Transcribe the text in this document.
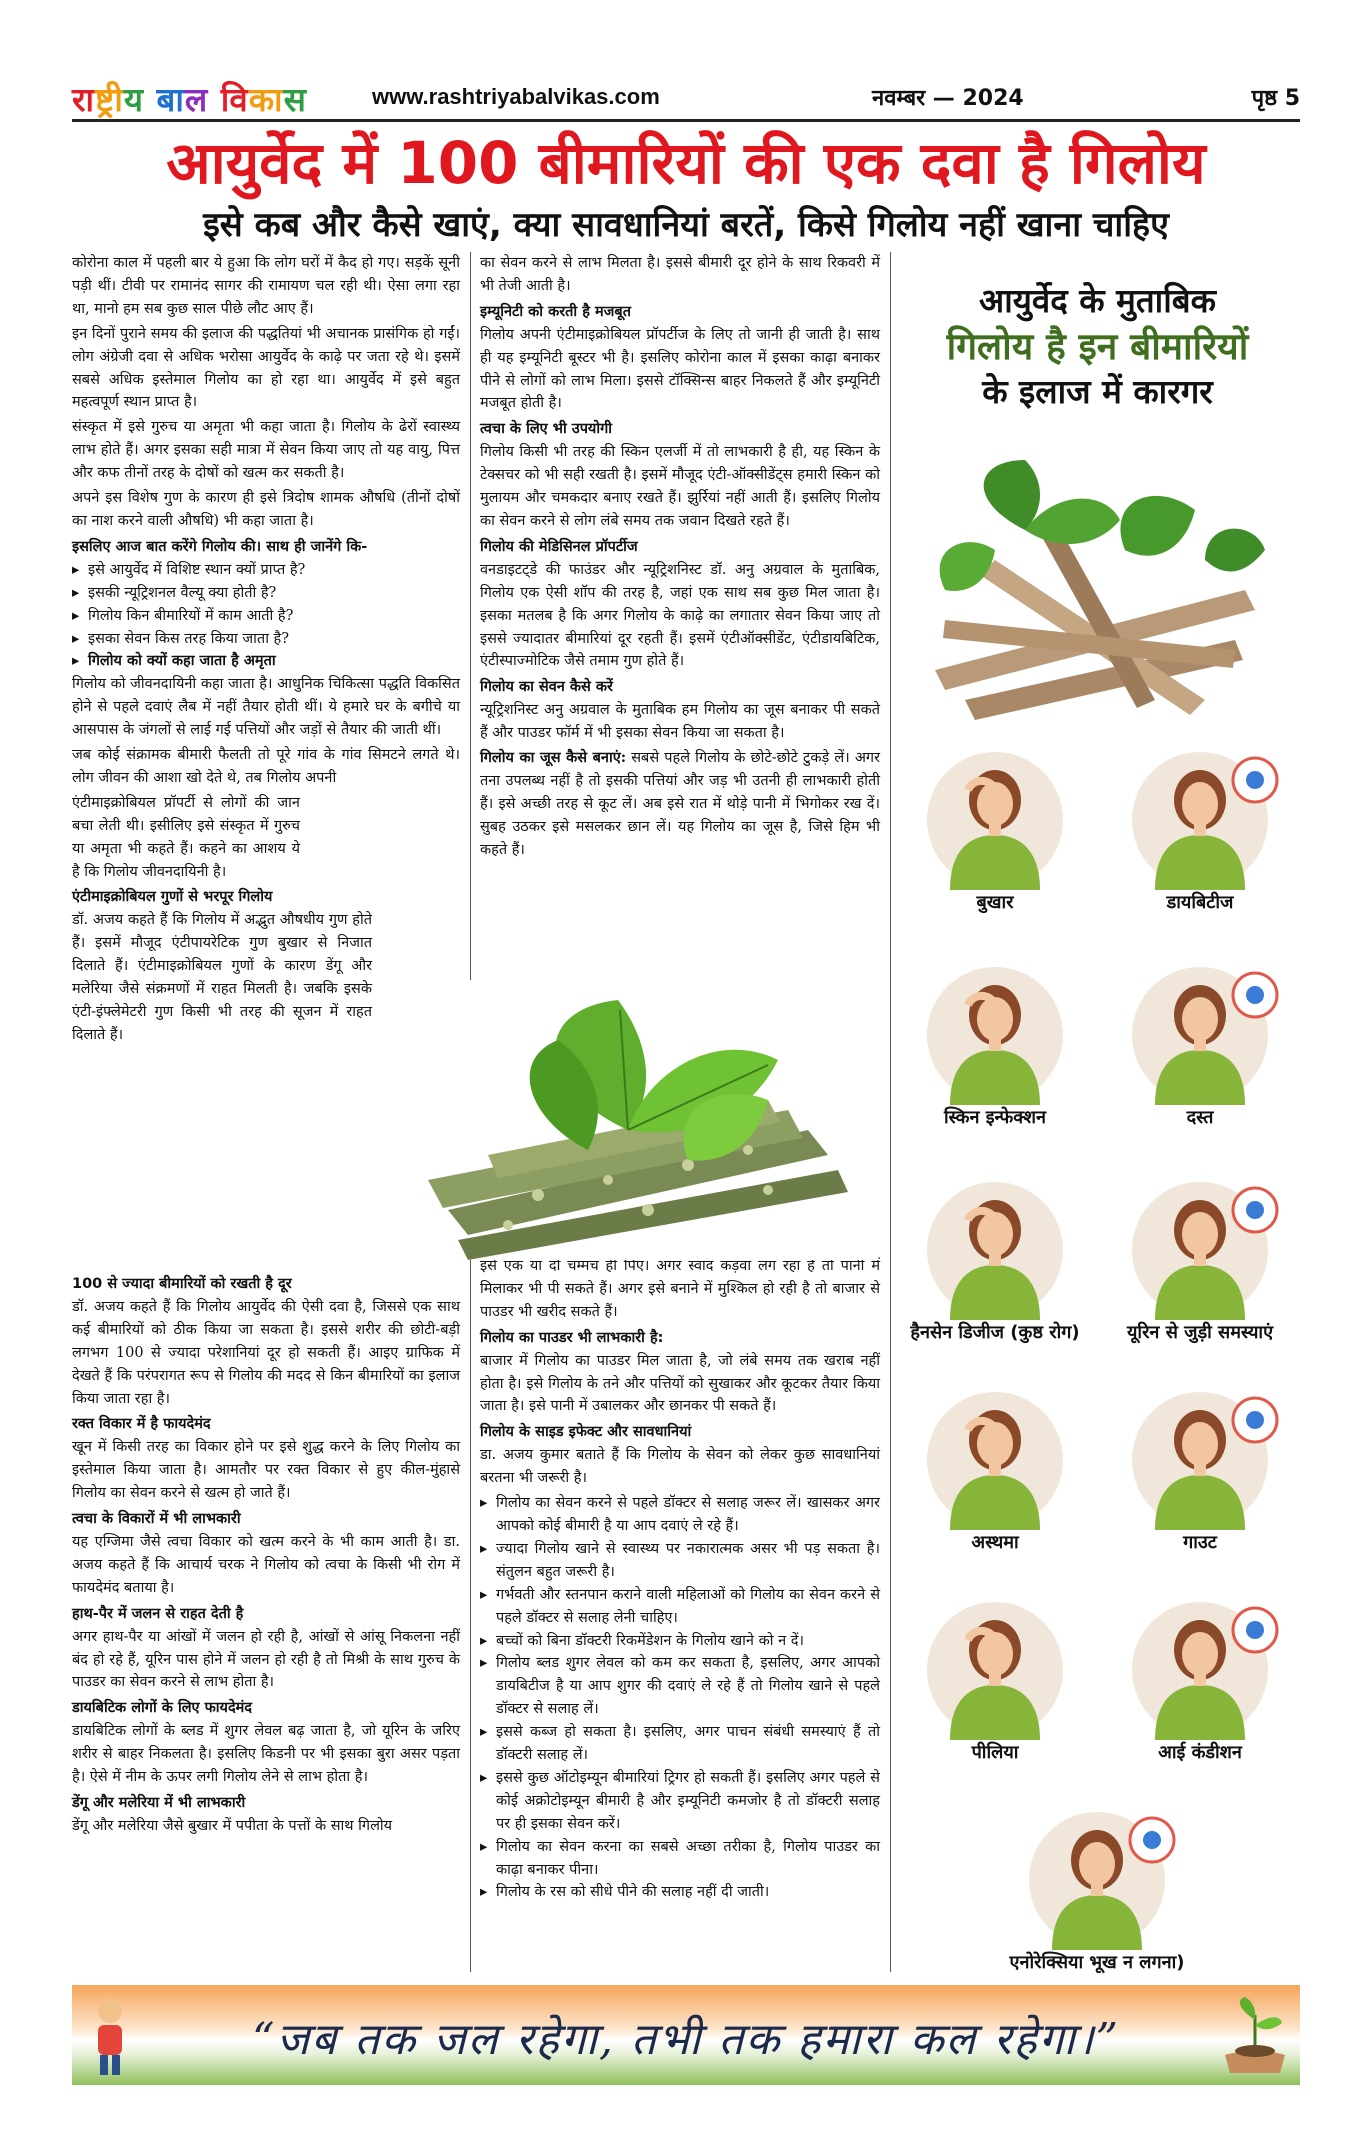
राष्ट्रीय बाल विकास	www.rashtriyabalvikas.com	नवम्बर — 2024	पृष्ठ 5
आयुर्वेद में 100 बीमारियों की एक दवा है गिलोय
इसे कब और कैसे खाएं, क्या सावधानियां बरतें, किसे गिलोय नहीं खाना चाहिए

कोरोना काल में पहली बार ये हुआ कि लोग घरों में कैद हो गए। सड़कें सूनी पड़ी थीं। टीवी पर रामानंद सागर की रामायण चल रही थी। ऐसा लगा रहा था, मानो हम सब कुछ साल पीछे लौट आए हैं।

इन दिनों पुराने समय की इलाज की पद्धतियां भी अचानक प्रासंगिक हो गईं। लोग अंग्रेजी दवा से अधिक भरोसा आयुर्वेद के काढ़े पर जता रहे थे। इसमें सबसे अधिक इस्तेमाल गिलोय का हो रहा था। आयुर्वेद में इसे बहुत महत्वपूर्ण स्थान प्राप्त है।

संस्कृत में इसे गुरुच या अमृता भी कहा जाता है। गिलोय के ढेरों स्वास्थ्य लाभ होते हैं। अगर इसका सही मात्रा में सेवन किया जाए तो यह वायु, पित्त और कफ तीनों तरह के दोषों को खत्म कर सकती है।

अपने इस विशेष गुण के कारण ही इसे त्रिदोष शामक औषधि (तीनों दोषों का नाश करने वाली औषधि) भी कहा जाता है।

इसलिए आज बात करेंगे गिलोय की। साथ ही जानेंगे कि-
▸ इसे आयुर्वेद में विशिष्ट स्थान क्यों प्राप्त है?
▸ इसकी न्यूट्रिशनल वैल्यू क्या होती है?
▸ गिलोय किन बीमारियों में काम आती है?
▸ इसका सेवन किस तरह किया जाता है?
▸ गिलोय को क्यों कहा जाता है अमृता

गिलोय को जीवनदायिनी कहा जाता है। आधुनिक चिकित्सा पद्धति विकसित होने से पहले दवाएं लैब में नहीं तैयार होती थीं। ये हमारे घर के बगीचे या आसपास के जंगलों से लाई गई पत्तियों और जड़ों से तैयार की जाती थीं।

जब कोई संक्रामक बीमारी फैलती तो पूरे गांव के गांव सिमटने लगते थे। लोग जीवन की आशा खो देते थे, तब गिलोय अपनी

एंटीमाइक्रोबियल प्रॉपर्टी से लोगों की जान बचा लेती थी। इसीलिए इसे संस्कृत में गुरुच या अमृता भी कहते हैं। कहने का आशय ये है कि गिलोय जीवनदायिनी है।

एंटीमाइक्रोबियल गुणों से भरपूर गिलोय

डॉ. अजय कहते हैं कि गिलोय में अद्भुत औषधीय गुण होते हैं। इसमें मौजूद एंटीपायरेटिक गुण बुखार से निजात दिलाते हैं। एंटीमाइक्रोबियल गुणों के कारण डेंगू और मलेरिया जैसे संक्रमणों में राहत मिलती है। जबकि इसके एंटी-इंफ्लेमेटरी गुण किसी भी तरह की सूजन में राहत दिलाते हैं।

100 से ज्यादा बीमारियों को रखती है दूर

डॉ. अजय कहते हैं कि गिलोय आयुर्वेद की ऐसी दवा है, जिससे एक साथ कई बीमारियों को ठीक किया जा सकता है। इससे शरीर की छोटी-बड़ी लगभग 100 से ज्यादा परेशानियां दूर हो सकती हैं। आइए ग्राफिक में देखते हैं कि परंपरागत रूप से गिलोय की मदद से किन बीमारियों का इलाज किया जाता रहा है।

रक्त विकार में है फायदेमंद

खून में किसी तरह का विकार होने पर इसे शुद्ध करने के लिए गिलोय का इस्तेमाल किया जाता है। आमतौर पर रक्त विकार से हुए कील-मुंहासे गिलोय का सेवन करने से खत्म हो जाते हैं।

त्वचा के विकारों में भी लाभकारी

यह एग्जिमा जैसे त्वचा विकार को खत्म करने के भी काम आती है। डा. अजय कहते हैं कि आचार्य चरक ने गिलोय को त्वचा के किसी भी रोग में फायदेमंद बताया है।

हाथ-पैर में जलन से राहत देती है

अगर हाथ-पैर या आंखों में जलन हो रही है, आंखों से आंसू निकलना नहीं बंद हो रहे हैं, यूरिन पास होने में जलन हो रही है तो मिश्री के साथ गुरुच के पाउडर का सेवन करने से लाभ होता है।

डायबिटिक लोगों के लिए फायदेमंद

डायबिटिक लोगों के ब्लड में शुगर लेवल बढ़ जाता है, जो यूरिन के जरिए शरीर से बाहर निकलता है। इसलिए किडनी पर भी इसका बुरा असर पड़ता है। ऐसे में नीम के ऊपर लगी गिलोय लेने से लाभ होता है।

डेंगू और मलेरिया में भी लाभकारी

डेंगू और मलेरिया जैसे बुखार में पपीता के पत्तों के साथ गिलोय

का सेवन करने से लाभ मिलता है। इससे बीमारी दूर होने के साथ रिकवरी में भी तेजी आती है।

इम्यूनिटी को करती है मजबूत

गिलोय अपनी एंटीमाइक्रोबियल प्रॉपर्टीज के लिए तो जानी ही जाती है। साथ ही यह इम्यूनिटी बूस्टर भी है। इसलिए कोरोना काल में इसका काढ़ा बनाकर पीने से लोगों को लाभ मिला। इससे टॉक्सिन्स बाहर निकलते हैं और इम्यूनिटी मजबूत होती है।

त्वचा के लिए भी उपयोगी

गिलोय किसी भी तरह की स्किन एलर्जी में तो लाभकारी है ही, यह स्किन के टेक्सचर को भी सही रखती है। इसमें मौजूद एंटी-ऑक्सीडेंट्स हमारी स्किन को मुलायम और चमकदार बनाए रखते हैं। झुर्रियां नहीं आती हैं। इसलिए गिलोय का सेवन करने से लोग लंबे समय तक जवान दिखते रहते हैं।

गिलोय की मेडिसिनल प्रॉपर्टीज

वनडाइटट्डे की फाउंडर और न्यूट्रिशनिस्ट डॉ. अनु अग्रवाल के मुताबिक, गिलोय एक ऐसी शॉप की तरह है, जहां एक साथ सब कुछ मिल जाता है। इसका मतलब है कि अगर गिलोय के काढ़े का लगातार सेवन किया जाए तो इससे ज्यादातर बीमारियां दूर रहती हैं। इसमें एंटीऑक्सीडेंट, एंटीडायबिटिक, एंटीस्पाज्मोटिक जैसे तमाम गुण होते हैं।

गिलोय का सेवन कैसे करें

न्यूट्रिशनिस्ट अनु अग्रवाल के मुताबिक हम गिलोय का जूस बनाकर पी सकते हैं और पाउडर फॉर्म में भी इसका सेवन किया जा सकता है।

गिलोय का जूस कैसे बनाएं: सबसे पहले गिलोय के छोटे-छोटे टुकड़े लें। अगर तना उपलब्ध नहीं है तो इसकी पत्तियां और जड़ भी उतनी ही लाभकारी होती हैं। इसे अच्छी तरह से कूट लें। अब इसे रात में थोड़े पानी में भिगोकर रख दें। सुबह उठकर इसे मसलकर छान लें। यह गिलोय का जूस है, जिसे हिम भी कहते हैं।

इसे एक या दो चम्मच ही पिएं। अगर स्वाद कड़वा लग रहा है तो पानी में मिलाकर भी पी सकते हैं। अगर इसे बनाने में मुश्किल हो रही है तो बाजार से पाउडर भी खरीद सकते हैं।

गिलोय का पाउडर भी लाभकारी है:

बाजार में गिलोय का पाउडर मिल जाता है, जो लंबे समय तक खराब नहीं होता है। इसे गिलोय के तने और पत्तियों को सुखाकर और कूटकर तैयार किया जाता है। इसे पानी में उबालकर और छानकर पी सकते हैं।

गिलोय के साइड इफेक्ट और सावधानियां

डा. अजय कुमार बताते हैं कि गिलोय के सेवन को लेकर कुछ सावधानियां बरतना भी जरूरी है।

▸ गिलोय का सेवन करने से पहले डॉक्टर से सलाह जरूर लें। खासकर अगर आपको कोई बीमारी है या आप दवाएं ले रहे हैं।
▸ ज्यादा गिलोय खाने से स्वास्थ्य पर नकारात्मक असर भी पड़ सकता है। संतुलन बहुत जरूरी है।
▸ गर्भवती और स्तनपान कराने वाली महिलाओं को गिलोय का सेवन करने से पहले डॉक्टर से सलाह लेनी चाहिए।
▸ बच्चों को बिना डॉक्टरी रिकमेंडेशन के गिलोय खाने को न दें।
▸ गिलोय ब्लड शुगर लेवल को कम कर सकता है, इसलिए, अगर आपको डायबिटीज है या आप शुगर की दवाएं ले रहे हैं तो गिलोय खाने से पहले डॉक्टर से सलाह लें।
▸ इससे कब्ज हो सकता है। इसलिए, अगर पाचन संबंधी समस्याएं हैं तो डॉक्टरी सलाह लें।
▸ इससे कुछ ऑटोइम्यून बीमारियां ट्रिगर हो सकती हैं। इसलिए अगर पहले से कोई अक्रोटोइम्यून बीमारी है और इम्यूनिटी कमजोर है तो डॉक्टरी सलाह पर ही इसका सेवन करें।
▸ गिलोय का सेवन करना का सबसे अच्छा तरीका है, गिलोय पाउडर का काढ़ा बनाकर पीना।
▸ गिलोय के रस को सीधे पीने की सलाह नहीं दी जाती।
आयुर्वेद के मुताबिक
गिलोय है इन बीमारियों
के इलाज में कारगर
बुखार	डायबिटीज
स्किन इन्फेक्शन	दस्त
हैनसेन डिजीज (कुष्ठ रोग)	यूरिन से जुड़ी समस्याएं
अस्थमा	गाउट
पीलिया	आई कंडीशन
एनोरेक्सिया भूख न लगना)
“जब तक जल रहेगा, तभी तक हमारा कल रहेगा।”
